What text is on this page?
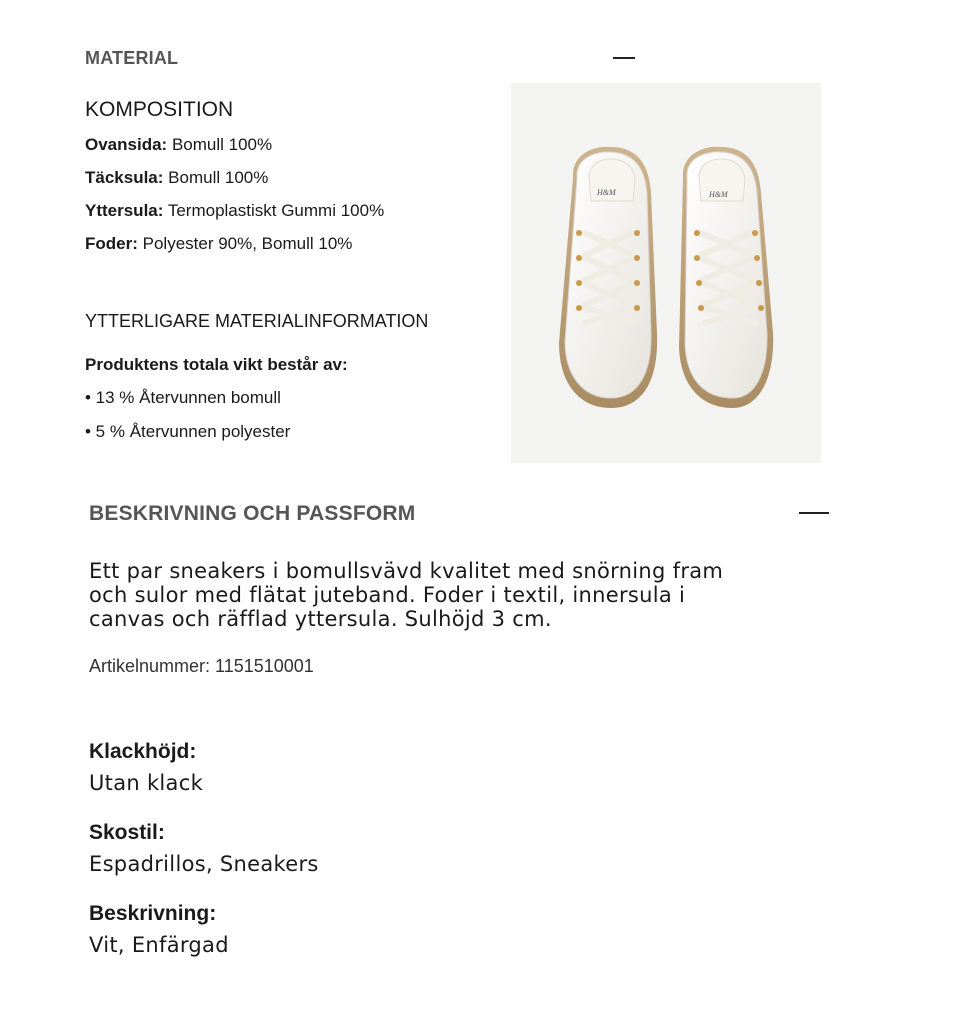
MATERIAL
KOMPOSITION
Ovansida: Bomull 100%
Täcksula: Bomull 100%
Yttersula: Termoplastiskt Gummi 100%
Foder: Polyester 90%, Bomull 10%
YTTERLIGARE MATERIALINFORMATION
Produktens totala vikt består av:
• 13 % Återvunnen bomull
• 5 % Återvunnen polyester
H&M	H&M
BESKRIVNING OCH PASSFORM
Ett par sneakers i bomullsvävd kvalitet med snörning fram
och sulor med flätat juteband. Foder i textil, innersula i
canvas och räfflad yttersula. Sulhöjd 3 cm.
Artikelnummer: 1151510001
Klackhöjd:
Utan klack
Skostil:
Espadrillos, Sneakers
Beskrivning:
Vit, Enfärgad
